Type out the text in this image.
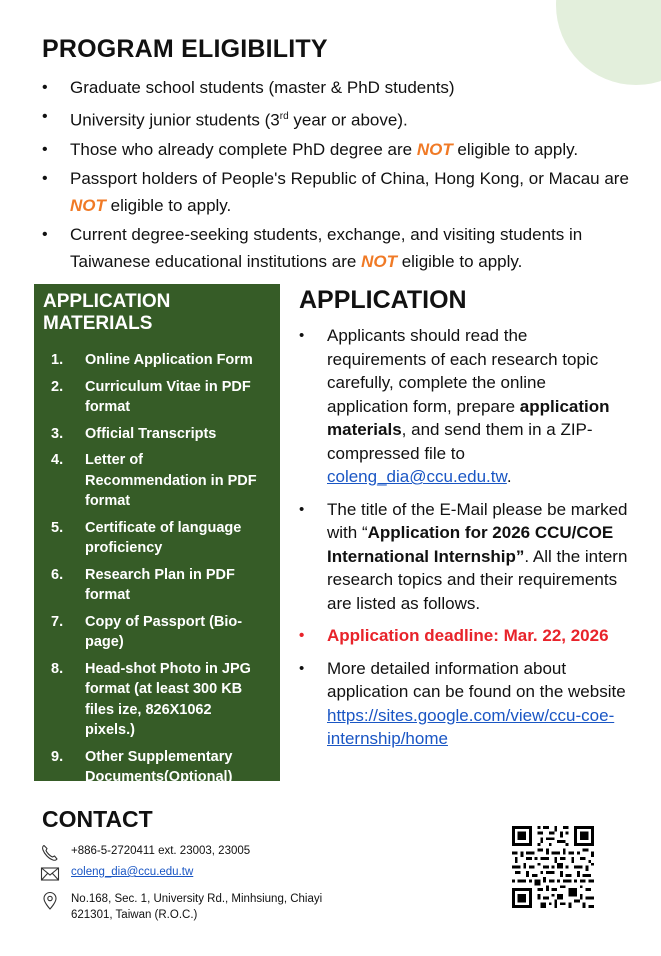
PROGRAM ELIGIBILITY
• Graduate school students (master & PhD students)
• University junior students (3rd year or above).
• Those who already complete PhD degree are NOT eligible to apply.
• Passport holders of People's Republic of China, Hong Kong, or Macau are NOT eligible to apply.
• Current degree-seeking students, exchange, and visiting students in Taiwanese educational institutions are NOT eligible to apply.
APPLICATION MATERIALS
1. Online Application Form
2. Curriculum Vitae in PDF format
3. Official Transcripts
4. Letter of Recommendation in PDF format
5. Certificate of language proficiency
6. Research Plan in PDF format
7. Copy of Passport (Bio-page)
8. Head-shot Photo in JPG format (at least 300 KB files ize, 826X1062 pixels.)
9. Other Supplementary Documents(Optional)
APPLICATION
• Applicants should read the requirements of each research topic carefully, complete the online application form, prepare application materials, and send them in a ZIP-compressed file to coleng_dia@ccu.edu.tw.
• The title of the E-Mail please be marked with “Application for 2026 CCU/COE International Internship”. All the intern research topics and their requirements are listed as follows.
• Application deadline: Mar. 22, 2026
• More detailed information about application can be found on the website https://sites.google.com/view/ccu-coe-internship/home
CONTACT
+886-5-2720411 ext. 23003, 23005
coleng_dia@ccu.edu.tw
No.168, Sec. 1, University Rd., Minhsiung, Chiayi 621301, Taiwan (R.O.C.)
